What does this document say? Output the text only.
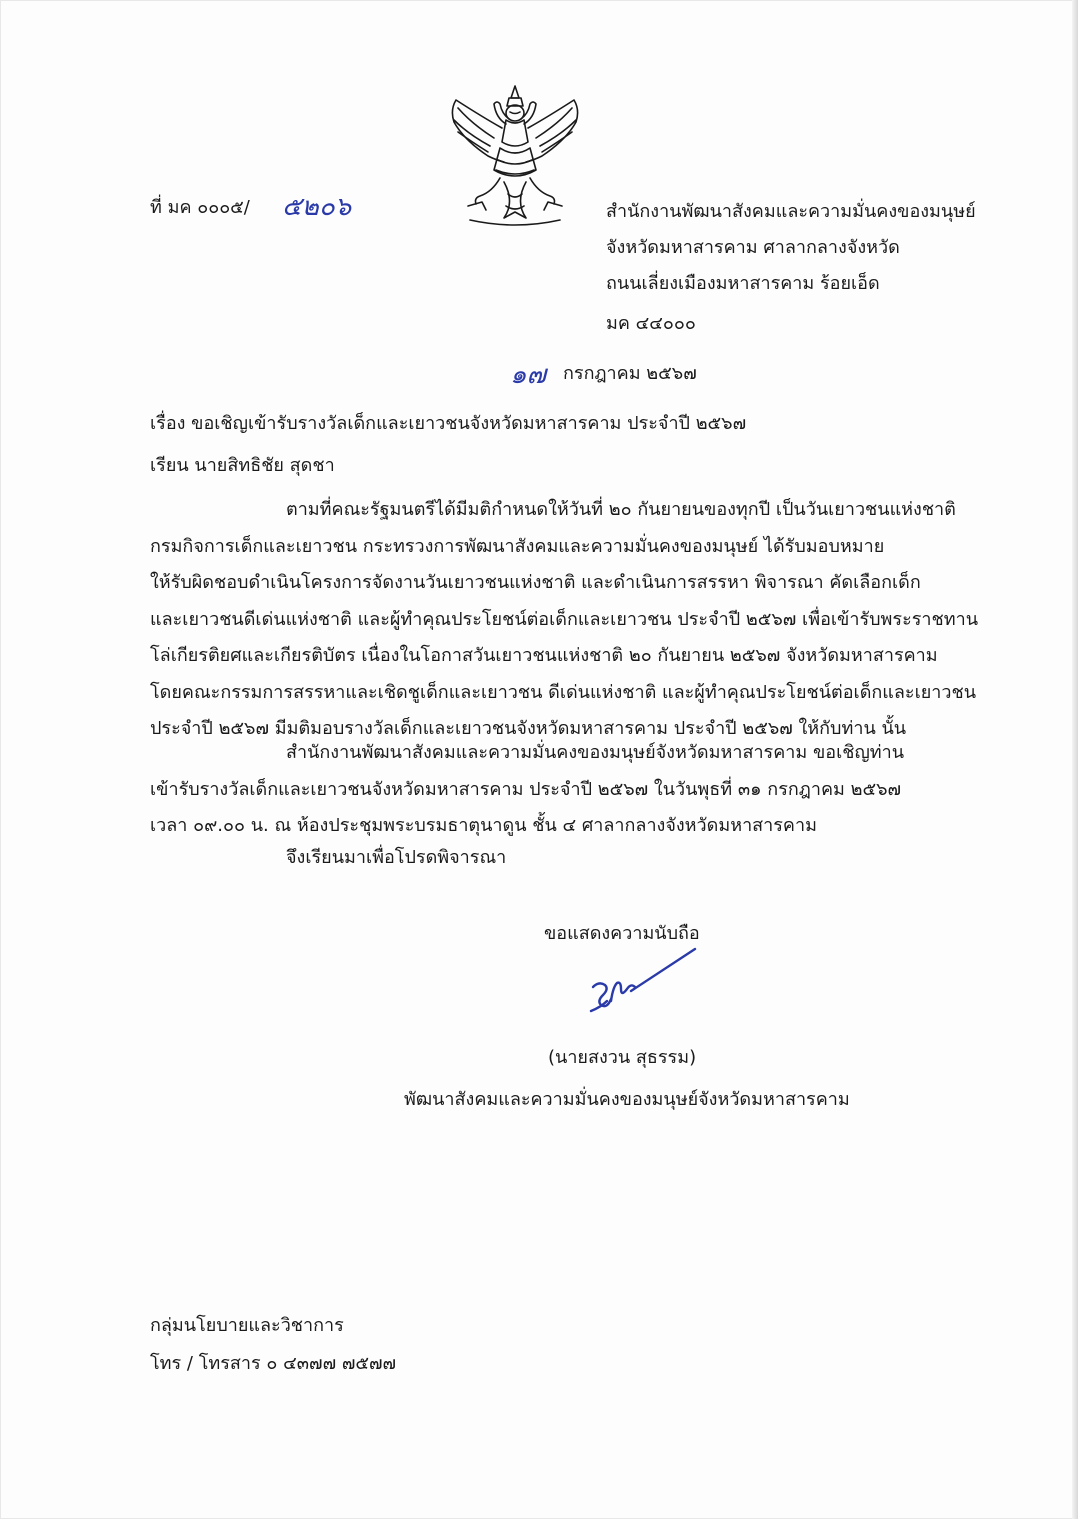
ที่ มค ๐๐๐๕/ ๕๒๐๖	สำนักงานพัฒนาสังคมและความมั่นคงของมนุษย์
จังหวัดมหาสารคาม ศาลากลางจังหวัด
ถนนเลี่ยงเมืองมหาสารคาม ร้อยเอ็ด
มค ๔๔๐๐๐
๑๗ กรกฎาคม ๒๕๖๗
เรื่อง ขอเชิญเข้ารับรางวัลเด็กและเยาวชนจังหวัดมหาสารคาม ประจำปี ๒๕๖๗
เรียน นายสิทธิชัย สุดชา
ตามที่คณะรัฐมนตรีได้มีมติกำหนดให้วันที่ ๒๐ กันยายนของทุกปี เป็นวันเยาวชนแห่งชาติ
กรมกิจการเด็กและเยาวชน กระทรวงการพัฒนาสังคมและความมั่นคงของมนุษย์ ได้รับมอบหมาย
ให้รับผิดชอบดำเนินโครงการจัดงานวันเยาวชนแห่งชาติ และดำเนินการสรรหา พิจารณา คัดเลือกเด็ก
และเยาวชนดีเด่นแห่งชาติ และผู้ทำคุณประโยชน์ต่อเด็กและเยาวชน ประจำปี ๒๕๖๗ เพื่อเข้ารับพระราชทาน
โล่เกียรติยศและเกียรติบัตร เนื่องในโอกาสวันเยาวชนแห่งชาติ ๒๐ กันยายน ๒๕๖๗ จังหวัดมหาสารคาม
โดยคณะกรรมการสรรหาและเชิดชูเด็กและเยาวชน ดีเด่นแห่งชาติ และผู้ทำคุณประโยชน์ต่อเด็กและเยาวชน
ประจำปี ๒๕๖๗ มีมติมอบรางวัลเด็กและเยาวชนจังหวัดมหาสารคาม ประจำปี ๒๕๖๗ ให้กับท่าน นั้น
สำนักงานพัฒนาสังคมและความมั่นคงของมนุษย์จังหวัดมหาสารคาม ขอเชิญท่าน
เข้ารับรางวัลเด็กและเยาวชนจังหวัดมหาสารคาม ประจำปี ๒๕๖๗ ในวันพุธที่ ๓๑ กรกฎาคม ๒๕๖๗
เวลา ๐๙.๐๐ น. ณ ห้องประชุมพระบรมธาตุนาดูน ชั้น ๔ ศาลากลางจังหวัดมหาสารคาม
จึงเรียนมาเพื่อโปรดพิจารณา
ขอแสดงความนับถือ
(นายสงวน สุธรรม)
พัฒนาสังคมและความมั่นคงของมนุษย์จังหวัดมหาสารคาม
กลุ่มนโยบายและวิชาการ
โทร / โทรสาร ๐ ๔๓๗๗ ๗๕๗๗
